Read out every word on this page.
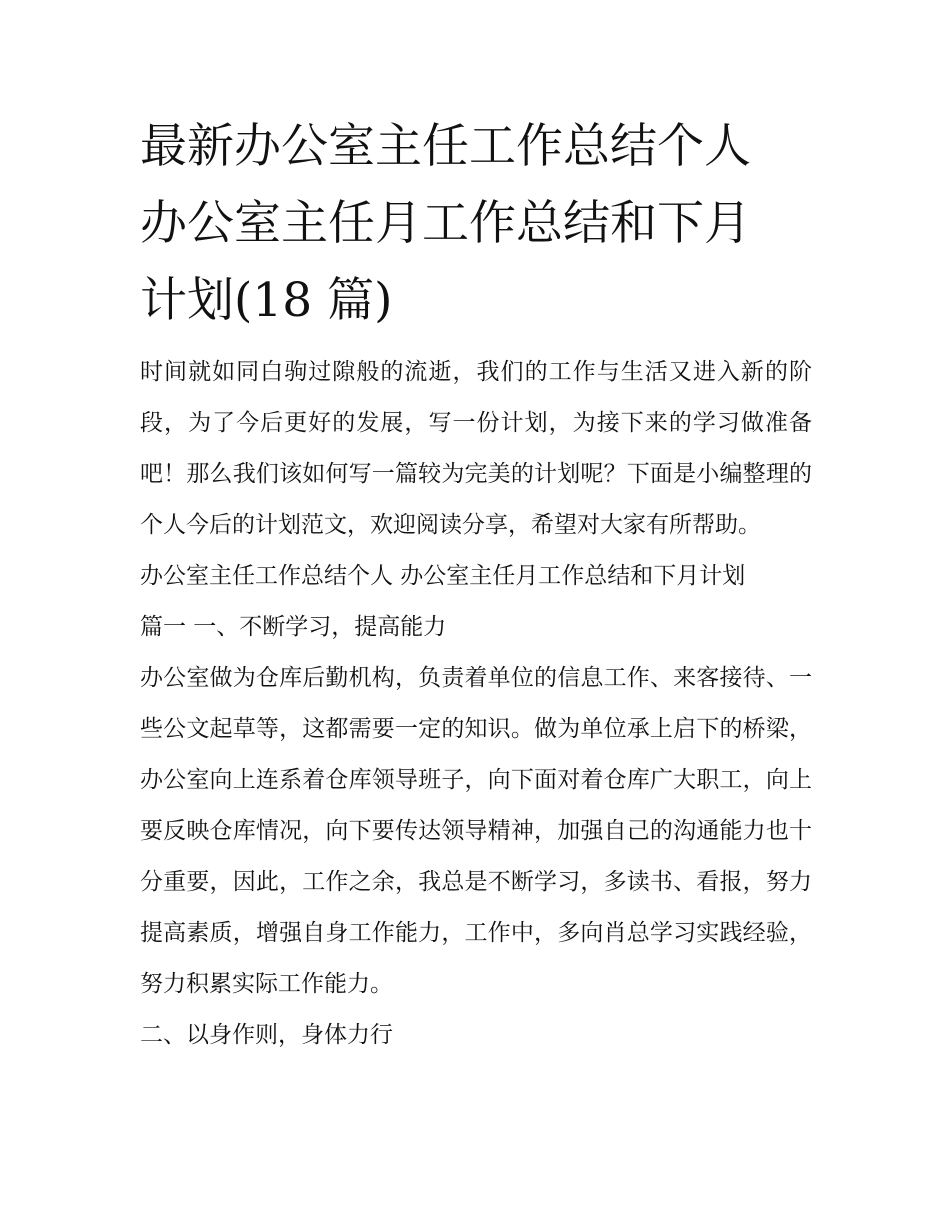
最新办公室主任工作总结个人
办公室主任月工作总结和下月
计划(18 篇)

时间就如同白驹过隙般的流逝，我们的工作与生活又进入新的阶段，为了今后更好的发展，写一份计划，为接下来的学习做准备吧！那么我们该如何写一篇较为完美的计划呢？下面是小编整理的个人今后的计划范文，欢迎阅读分享，希望对大家有所帮助。

办公室主任工作总结个人 办公室主任月工作总结和下月计划

篇一 一、不断学习，提高能力

办公室做为仓库后勤机构，负责着单位的信息工作、来客接待、一些公文起草等，这都需要一定的知识。做为单位承上启下的桥梁，办公室向上连系着仓库领导班子，向下面对着仓库广大职工，向上要反映仓库情况，向下要传达领导精神，加强自己的沟通能力也十分重要，因此，工作之余，我总是不断学习，多读书、看报，努力提高素质，增强自身工作能力，工作中，多向肖总学习实践经验，努力积累实际工作能力。

二、以身作则，身体力行
